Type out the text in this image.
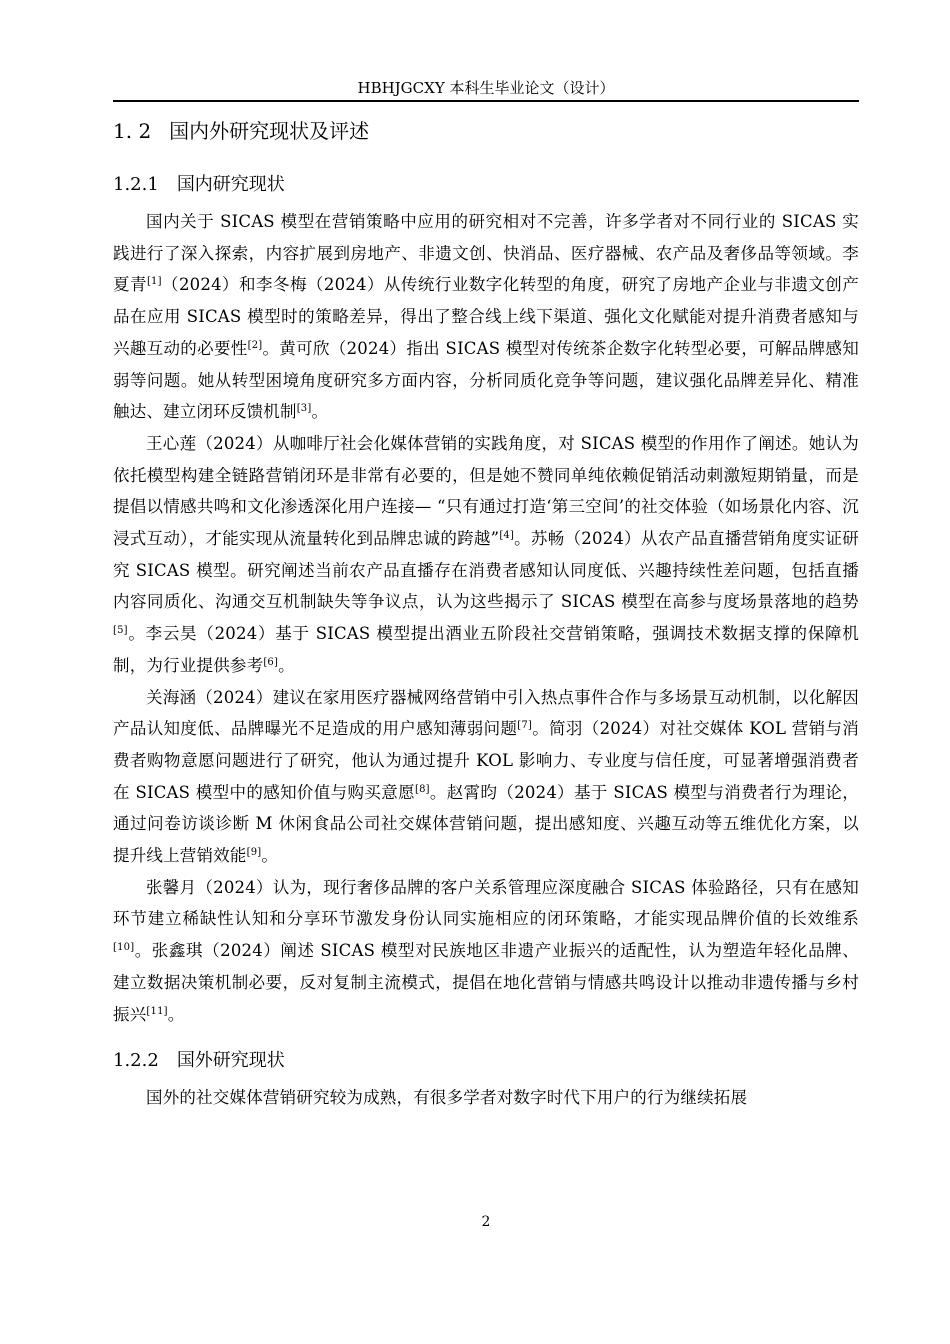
HBHJGCXY 本科生毕业论文（设计）
1. 2 国内外研究现状及评述
1.2.1 国内研究现状

国内关于 SICAS 模型在营销策略中应用的研究相对不完善，许多学者对不同行业的 SICAS 实践进行了深入探索，内容扩展到房地产、非遗文创、快消品、医疗器械、农产品及奢侈品等领域。李夏青[1]（2024）和李冬梅（2024）从传统行业数字化转型的角度，研究了房地产企业与非遗文创产品在应用 SICAS 模型时的策略差异，得出了整合线上线下渠道、强化文化赋能对提升消费者感知与兴趣互动的必要性[2]。黄可欣（2024）指出 SICAS 模型对传统茶企数字化转型必要，可解品牌感知弱等问题。她从转型困境角度研究多方面内容，分析同质化竞争等问题，建议强化品牌差异化、精准触达、建立闭环反馈机制[3]。

王心莲（2024）从咖啡厅社会化媒体营销的实践角度，对 SICAS 模型的作用作了阐述。她认为依托模型构建全链路营销闭环是非常有必要的，但是她不赞同单纯依赖促销活动刺激短期销量，而是提倡以情感共鸣和文化渗透深化用户连接— “只有通过打造‘第三空间’的社交体验（如场景化内容、沉浸式互动），才能实现从流量转化到品牌忠诚的跨越”[4]。苏畅（2024）从农产品直播营销角度实证研究 SICAS 模型。研究阐述当前农产品直播存在消费者感知认同度低、兴趣持续性差问题，包括直播内容同质化、沟通交互机制缺失等争议点，认为这些揭示了 SICAS 模型在高参与度场景落地的趋势[5]。李云昊（2024）基于 SICAS 模型提出酒业五阶段社交营销策略，强调技术数据支撑的保障机制，为行业提供参考[6]。

关海涵（2024）建议在家用医疗器械网络营销中引入热点事件合作与多场景互动机制，以化解因产品认知度低、品牌曝光不足造成的用户感知薄弱问题[7]。简羽（2024）对社交媒体 KOL 营销与消费者购物意愿问题进行了研究，他认为通过提升 KOL 影响力、专业度与信任度，可显著增强消费者在 SICAS 模型中的感知价值与购买意愿[8]。赵霄昀（2024）基于 SICAS 模型与消费者行为理论，通过问卷访谈诊断 M 休闲食品公司社交媒体营销问题，提出感知度、兴趣互动等五维优化方案，以提升线上营销效能[9]。

张馨月（2024）认为，现行奢侈品牌的客户关系管理应深度融合 SICAS 体验路径，只有在感知环节建立稀缺性认知和分享环节激发身份认同实施相应的闭环策略，才能实现品牌价值的长效维系[10]。张鑫琪（2024）阐述 SICAS 模型对民族地区非遗产业振兴的适配性，认为塑造年轻化品牌、建立数据决策机制必要，反对复制主流模式，提倡在地化营销与情感共鸣设计以推动非遗传播与乡村振兴[11]。

1.2.2 国外研究现状

国外的社交媒体营销研究较为成熟，有很多学者对数字时代下用户的行为继续拓展

2
